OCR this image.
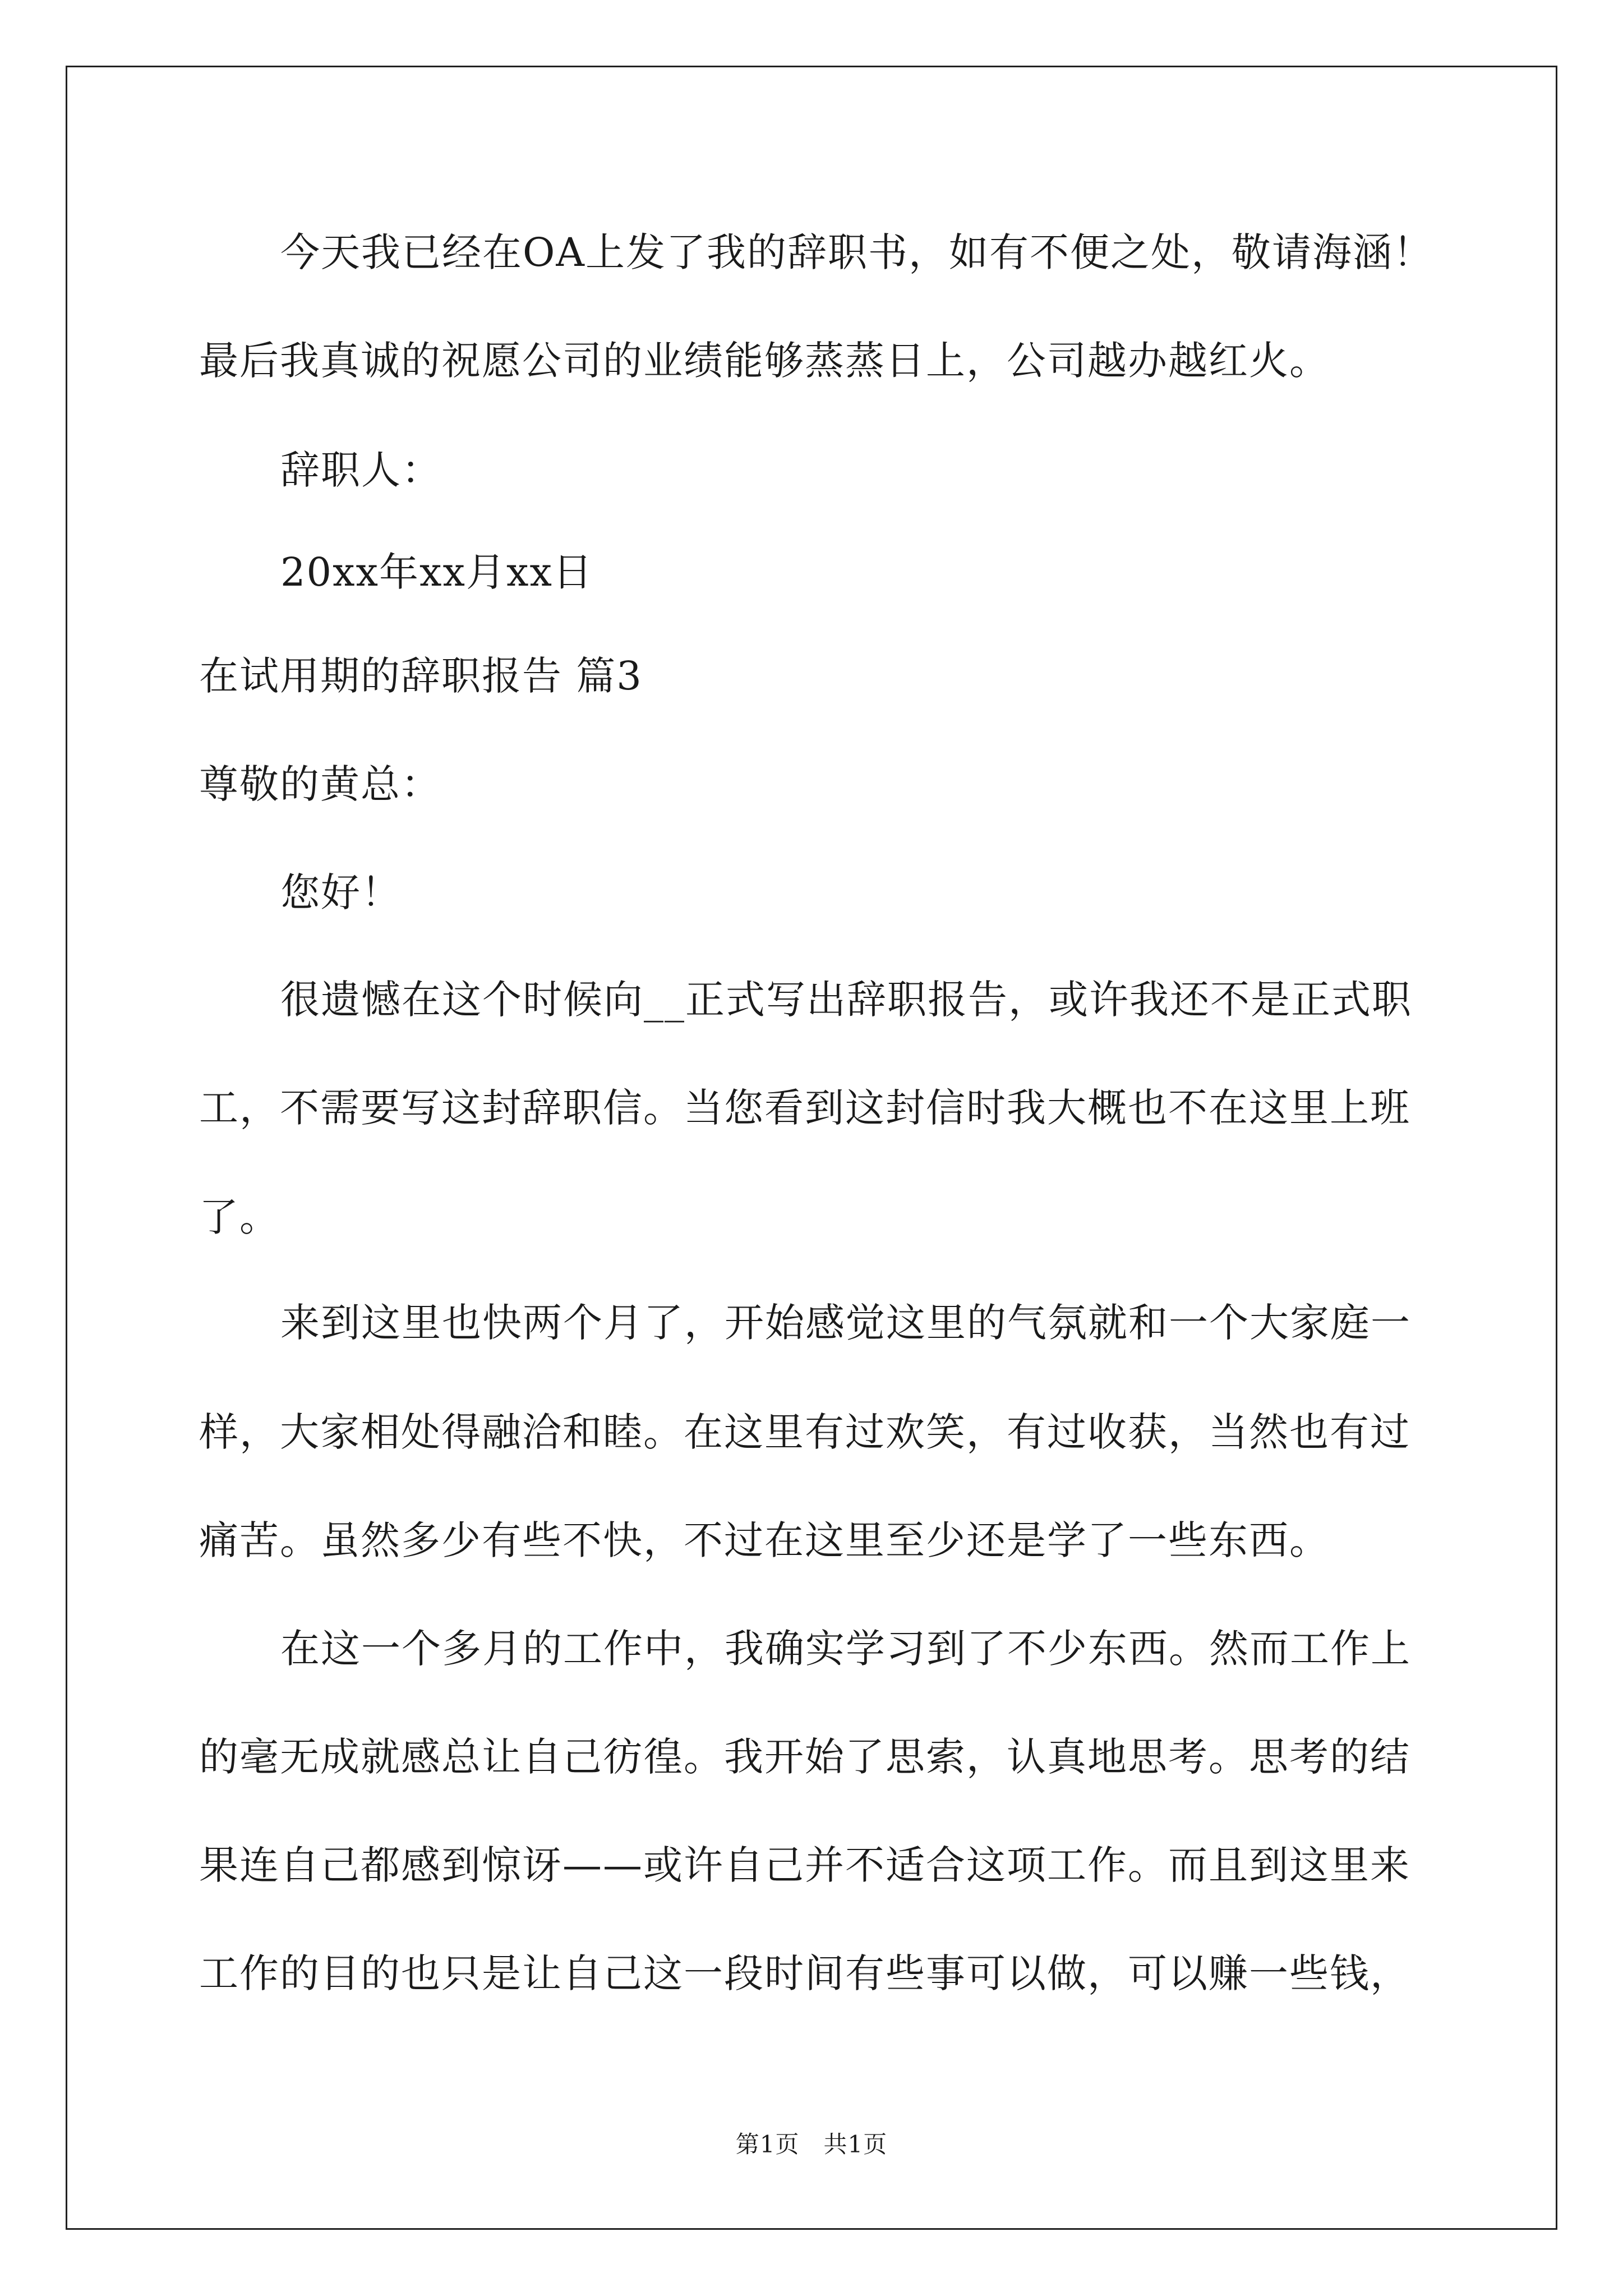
今天我已经在OA上发了我的辞职书，如有不便之处，敬请海涵！
最后我真诚的祝愿公司的业绩能够蒸蒸日上，公司越办越红火。
辞职人：
20xx年xx月xx日
在试用期的辞职报告 篇3
尊敬的黄总：
您好！
很遗憾在这个时候向__正式写出辞职报告，或许我还不是正式职
工，不需要写这封辞职信。当您看到这封信时我大概也不在这里上班
了。
来到这里也快两个月了，开始感觉这里的气氛就和一个大家庭一
样，大家相处得融洽和睦。在这里有过欢笑，有过收获，当然也有过
痛苦。虽然多少有些不快，不过在这里至少还是学了一些东西。
在这一个多月的工作中，我确实学习到了不少东西。然而工作上
的毫无成就感总让自己彷徨。我开始了思索，认真地思考。思考的结
果连自己都感到惊讶——或许自己并不适合这项工作。而且到这里来
工作的目的也只是让自己这一段时间有些事可以做，可以赚一些钱，
第1页　共1页
